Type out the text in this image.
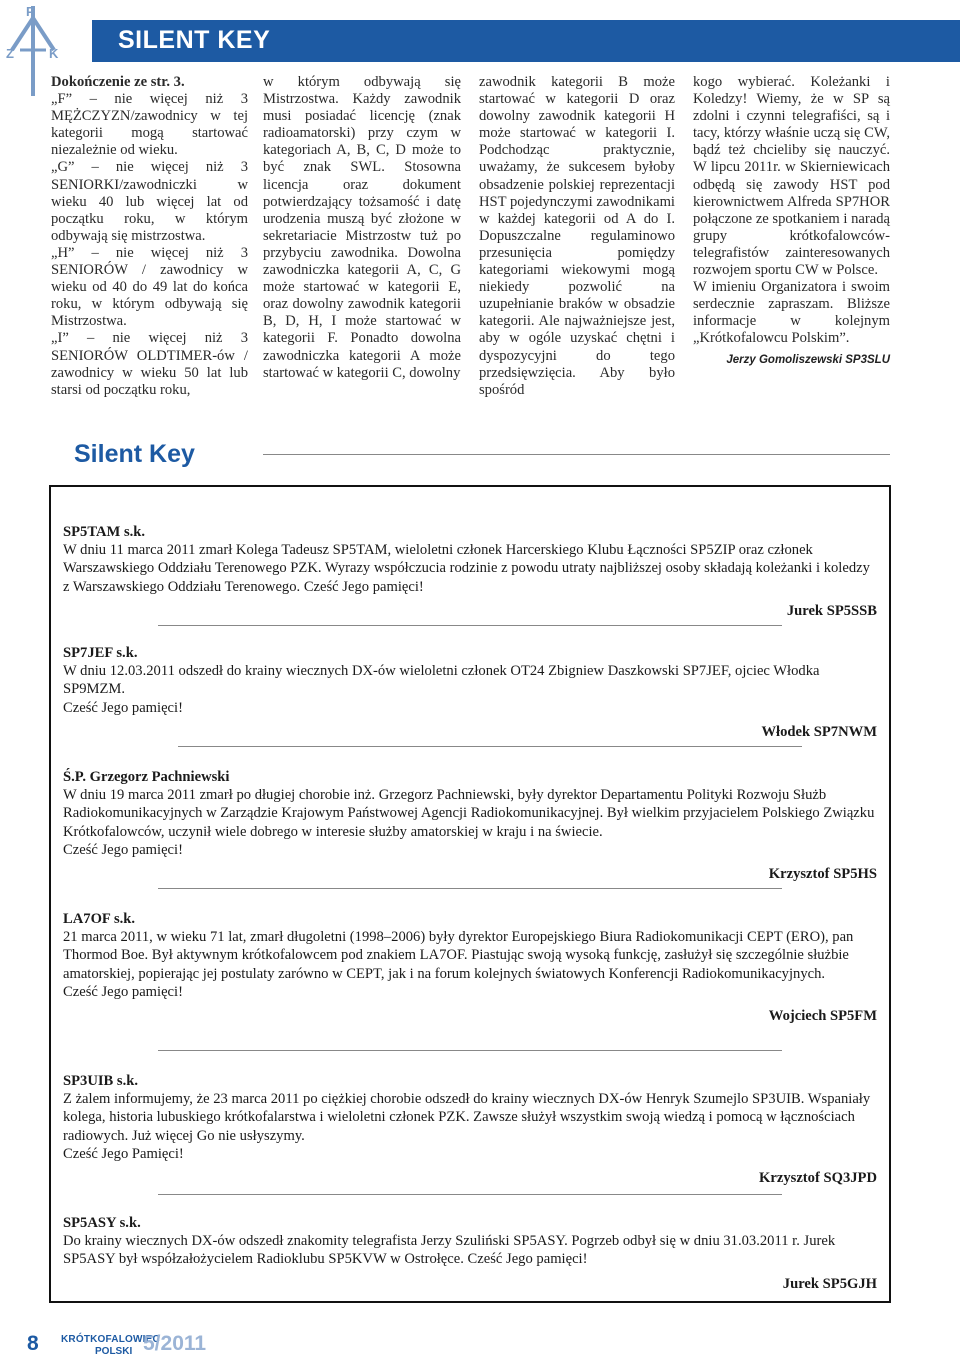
SILENT KEY
P
Z	K

Dokończenie ze str. 3.

„F” – nie więcej niż 3 MĘŻCZYZN/zawodnicy w tej kategorii mogą startować niezależnie od wieku.

„G” – nie więcej niż 3 SENIORKI/zawodniczki w wieku 40 lub więcej lat od początku roku, w którym odbywają się mistrzostwa.

„H” – nie więcej niż 3 SENIORÓW / zawodnicy w wieku od 40 do 49 lat do końca roku, w którym odbywają się Mistrzostwa.

„I” – nie więcej niż 3 SENIORÓW OLDTIMER-ów / zawodnicy w wieku 50 lat lub starsi od początku roku,

w którym odbywają się Mistrzostwa. Każdy zawodnik musi posiadać licencję (znak radioamatorski) przy czym w kategoriach A, B, C, D może to być znak SWL. Stosowna licencja oraz dokument potwierdzający tożsamość i datę urodzenia muszą być złożone w sekretariacie Mistrzostw tuż po przybyciu zawodnika. Dowolna zawodniczka kategorii A, C, G może startować w kategorii E, oraz dowolny zawodnik kategorii B, D, H, I może startować w kategorii F. Ponadto dowolna zawodniczka kategorii A może startować w kategorii C, dowolny

zawodnik kategorii B może startować w kategorii D oraz dowolny zawodnik kategorii H może startować w kategorii I. Podchodząc praktycznie, uważamy, że sukcesem byłoby obsadzenie polskiej reprezentacji HST pojedynczymi zawodnikami w każdej kategorii od A do I. Dopuszczalne regulaminowo przesunięcia pomiędzy kategoriami wiekowymi mogą niekiedy pozwolić na uzupełnianie braków w obsadzie kategorii. Ale najważniejsze jest, aby w ogóle uzyskać chętni i dyspozycyjni do tego przedsięwzięcia. Aby było spośród

kogo wybierać. Koleżanki i Koledzy! Wiemy, że w SP są zdolni i czynni telegrafiści, są i tacy, którzy właśnie uczą się CW, bądź też chcieliby się nauczyć. W lipcu 2011r. w Skierniewicach odbędą się zawody HST pod kierownictwem Alfreda SP7HOR połączone ze spotkaniem i naradą grupy krótkofalowców-telegrafistów zainteresowanych rozwojem sportu CW w Polsce.

W imieniu Organizatora i swoim serdecznie zapraszam. Bliższe informacje w kolejnym „Krótkofalowcu Polskim”.

Jerzy Gomoliszewski SP3SLU
Silent Key

SP5TAM s.k.

W dniu 11 marca 2011 zmarł Kolega Tadeusz SP5TAM, wieloletni członek Harcerskiego Klubu Łączności SP5ZIP oraz członek Warszawskiego Oddziału Terenowego PZK. Wyrazy współczucia rodzinie z powodu utraty najbliższej osoby składają koleżanki i koledzy z Warszawskiego Oddziału Terenowego. Cześć Jego pamięci!

Jurek SP5SSB

SP7JEF s.k.

W dniu 12.03.2011 odszedł do krainy wiecznych DX-ów wieloletni członek OT24 Zbigniew Daszkowski SP7JEF, ojciec Włodka SP9MZM.
Cześć Jego pamięci!

Włodek SP7NWM

Ś.P. Grzegorz Pachniewski

W dniu 19 marca 2011 zmarł po długiej chorobie inż. Grzegorz Pachniewski, były dyrektor Departamentu Polityki Rozwoju Służb Radiokomunikacyjnych w Zarządzie Krajowym Państwowej Agencji Radiokomunikacyjnej. Był wielkim przyjacielem Polskiego Związku Krótkofalowców, uczynił wiele dobrego w interesie służby amatorskiej w kraju i na świecie.
Cześć Jego pamięci!

Krzysztof SP5HS

LA7OF s.k.

21 marca 2011, w wieku 71 lat, zmarł długoletni (1998–2006) były dyrektor Europejskiego Biura Radiokomunikacji CEPT (ERO), pan Thormod Boe. Był aktywnym krótkofalowcem pod znakiem LA7OF. Piastując swoją wysoką funkcję, zasłużył się szczególnie służbie amatorskiej, popierając jej postulaty zarówno w CEPT, jak i na forum kolejnych światowych Konferencji Radiokomunikacyjnych.
Cześć Jego pamięci!

Wojciech SP5FM

SP3UIB s.k.

Z żalem informujemy, że 23 marca 2011 po ciężkiej chorobie odszedł do krainy wiecznych DX-ów Henryk Szumejlo SP3UIB. Wspaniały kolega, historia lubuskiego krótkofalarstwa i wieloletni członek PZK. Zawsze służył wszystkim swoją wiedzą i pomocą w łącznościach radiowych. Już więcej Go nie usłyszymy.
Cześć Jego Pamięci!

Krzysztof SQ3JPD

SP5ASY s.k.

Do krainy wiecznych DX-ów odszedł znakomity telegrafista Jerzy Szuliński SP5ASY. Pogrzeb odbył się w dniu 31.03.2011 r. Jurek SP5ASY był współzałożycielem Radioklubu SP5KVW w Ostrołęce. Cześć Jego pamięci!

Jurek SP5GJH

8 KRÓTKOFALOWIEC
POLSKI 5/2011
